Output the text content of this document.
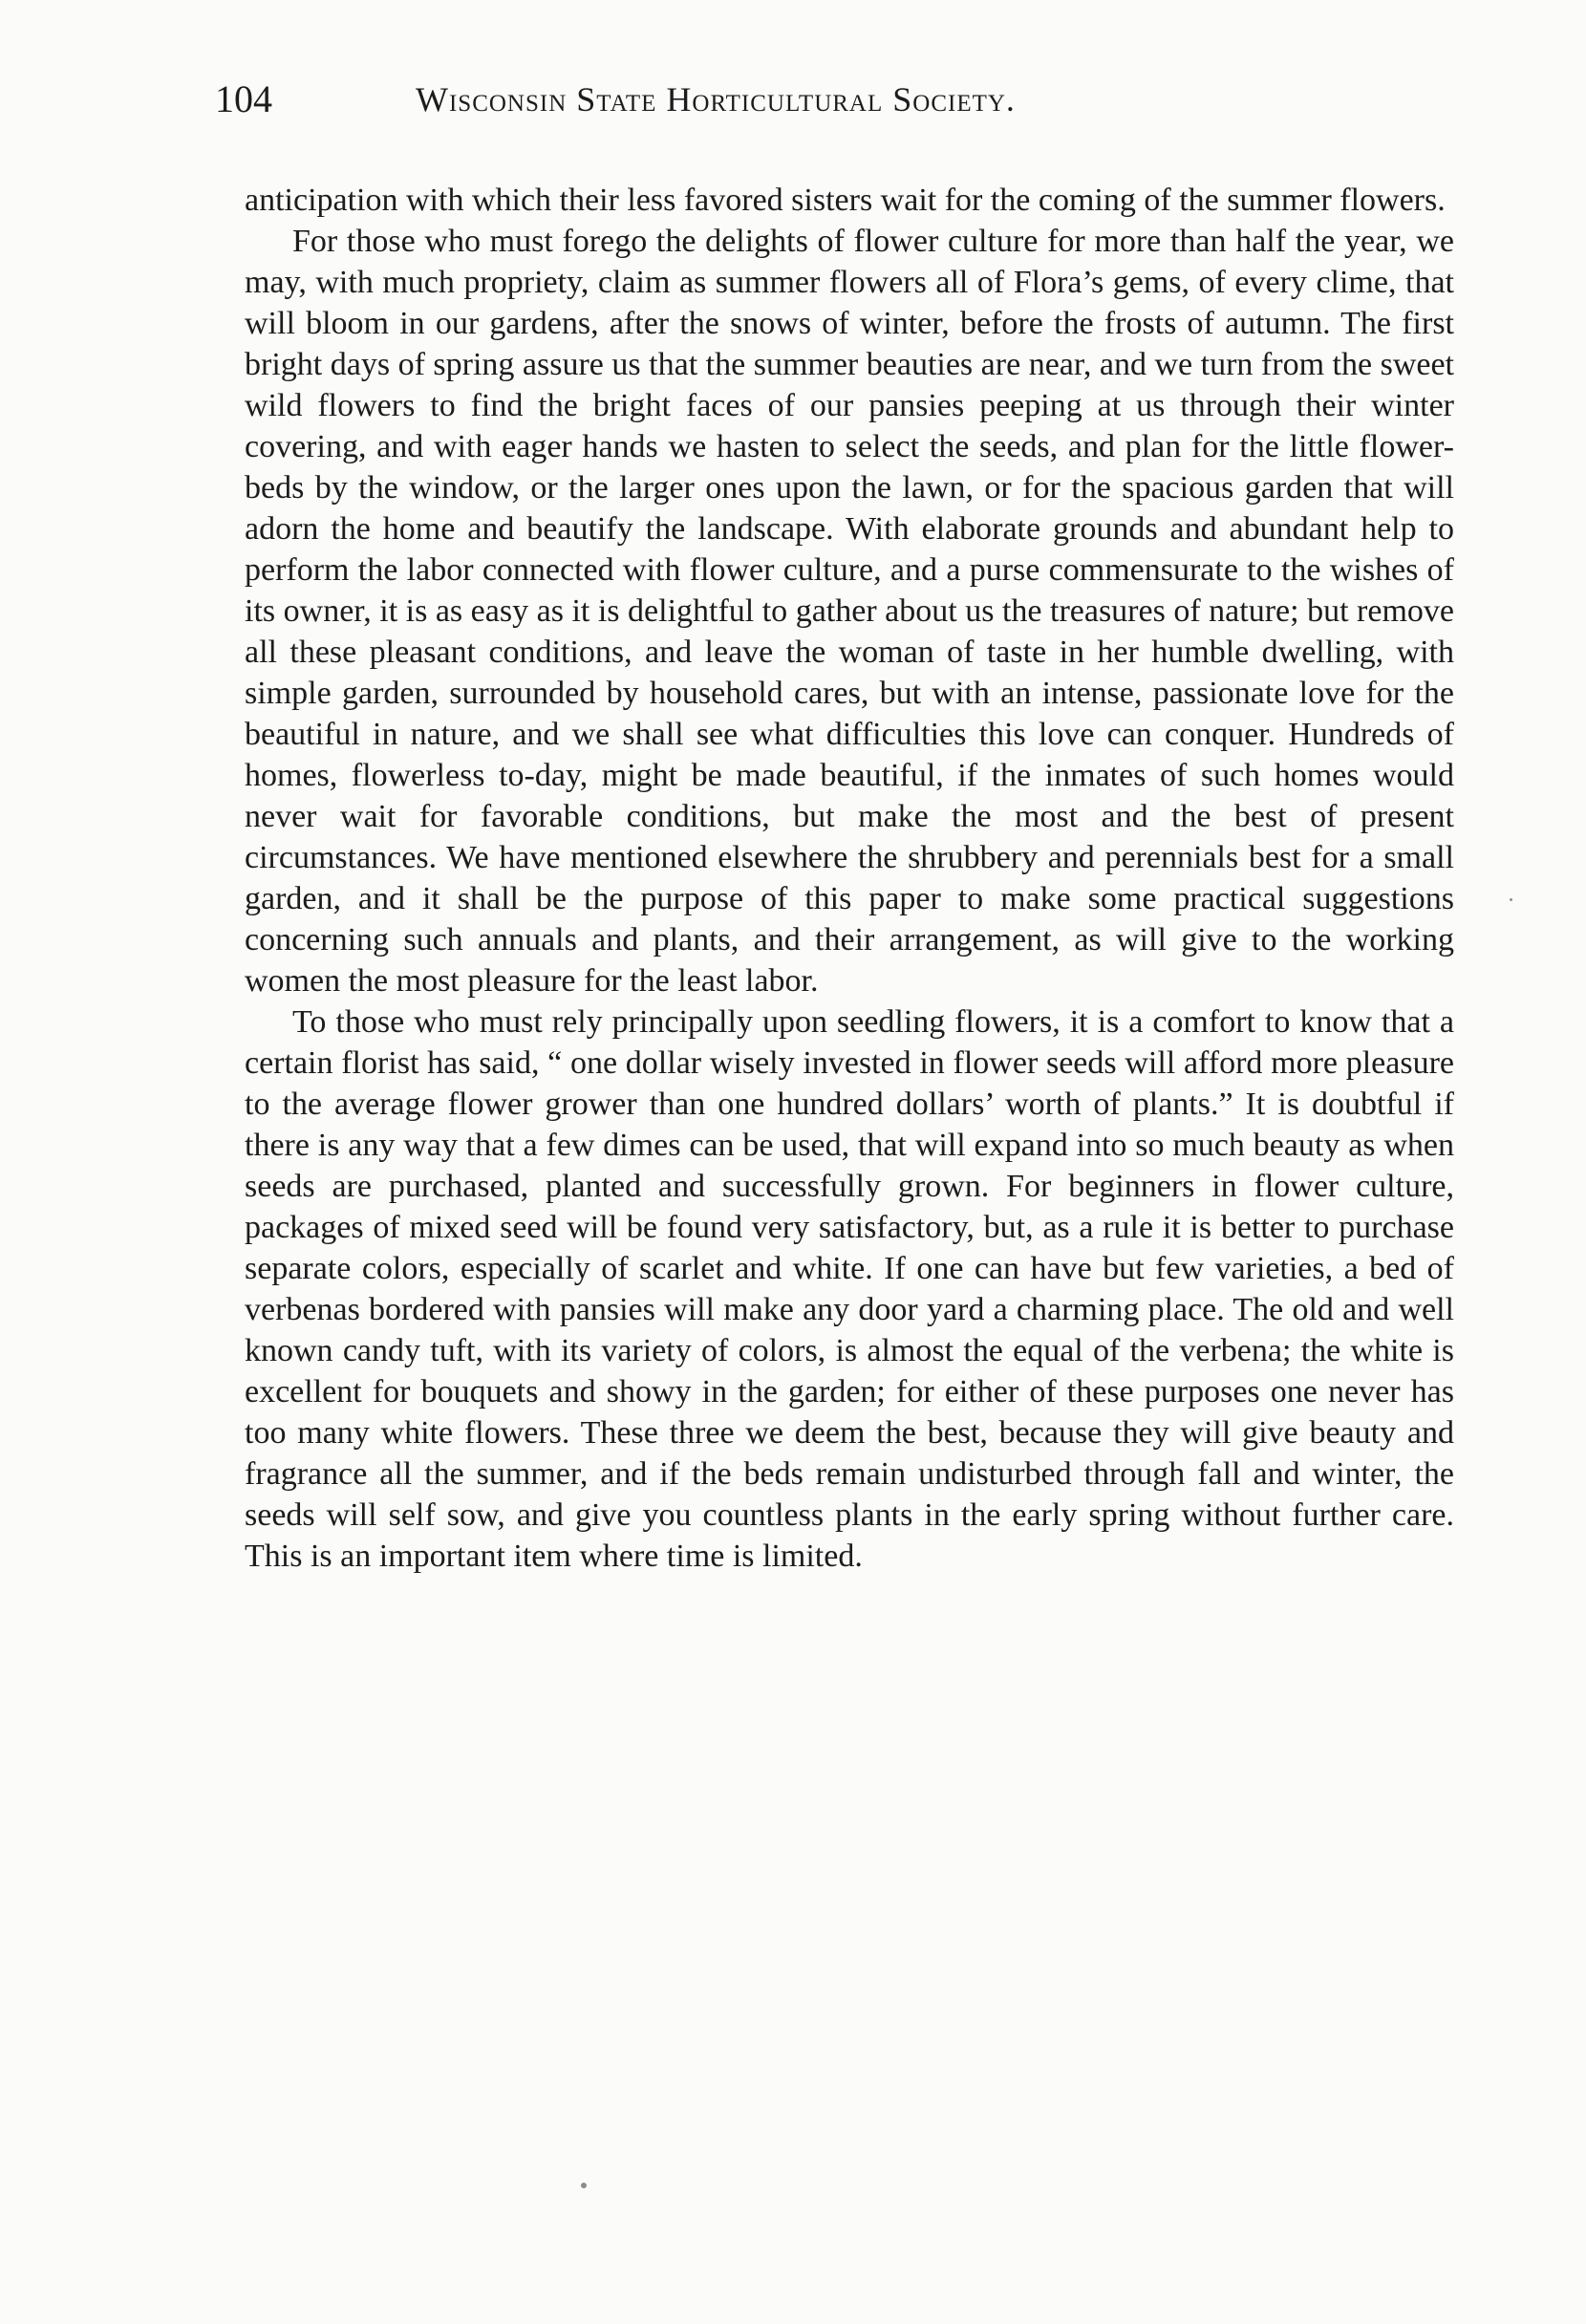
104	Wisconsin State Horticultural Society.

anticipation with which their less favored sisters wait for the coming of the summer flowers.

For those who must forego the delights of flower culture for more than half the year, we may, with much propriety, claim as summer flowers all of Flora’s gems, of every clime, that will bloom in our gardens, after the snows of winter, before the frosts of autumn. The first bright days of spring assure us that the summer beauties are near, and we turn from the sweet wild flowers to find the bright faces of our pansies peeping at us through their winter covering, and with eager hands we hasten to select the seeds, and plan for the little flower-beds by the window, or the larger ones upon the lawn, or for the spacious garden that will adorn the home and beautify the landscape. With elaborate grounds and abundant help to perform the labor connected with flower culture, and a purse commensurate to the wishes of its owner, it is as easy as it is delightful to gather about us the treasures of nature; but remove all these pleasant conditions, and leave the woman of taste in her humble dwelling, with simple garden, surrounded by household cares, but with an intense, passionate love for the beautiful in nature, and we shall see what difficulties this love can conquer. Hundreds of homes, flowerless to-day, might be made beautiful, if the inmates of such homes would never wait for favorable conditions, but make the most and the best of present circumstances. We have mentioned elsewhere the shrubbery and perennials best for a small garden, and it shall be the purpose of this paper to make some practical suggestions concerning such annuals and plants, and their arrangement, as will give to the working women the most pleasure for the least labor.

To those who must rely principally upon seedling flowers, it is a comfort to know that a certain florist has said, “ one dollar wisely invested in flower seeds will afford more pleasure to the average flower grower than one hundred dollars’ worth of plants.” It is doubtful if there is any way that a few dimes can be used, that will expand into so much beauty as when seeds are purchased, planted and successfully grown. For beginners in flower culture, packages of mixed seed will be found very satisfactory, but, as a rule it is better to purchase separate colors, especially of scarlet and white. If one can have but few varieties, a bed of verbenas bordered with pansies will make any door yard a charming place. The old and well known candy tuft, with its variety of colors, is almost the equal of the verbena; the white is excellent for bouquets and showy in the garden; for either of these purposes one never has too many white flowers. These three we deem the best, because they will give beauty and fragrance all the summer, and if the beds remain undisturbed through fall and winter, the seeds will self sow, and give you countless plants in the early spring without further care. This is an important item where time is limited.
